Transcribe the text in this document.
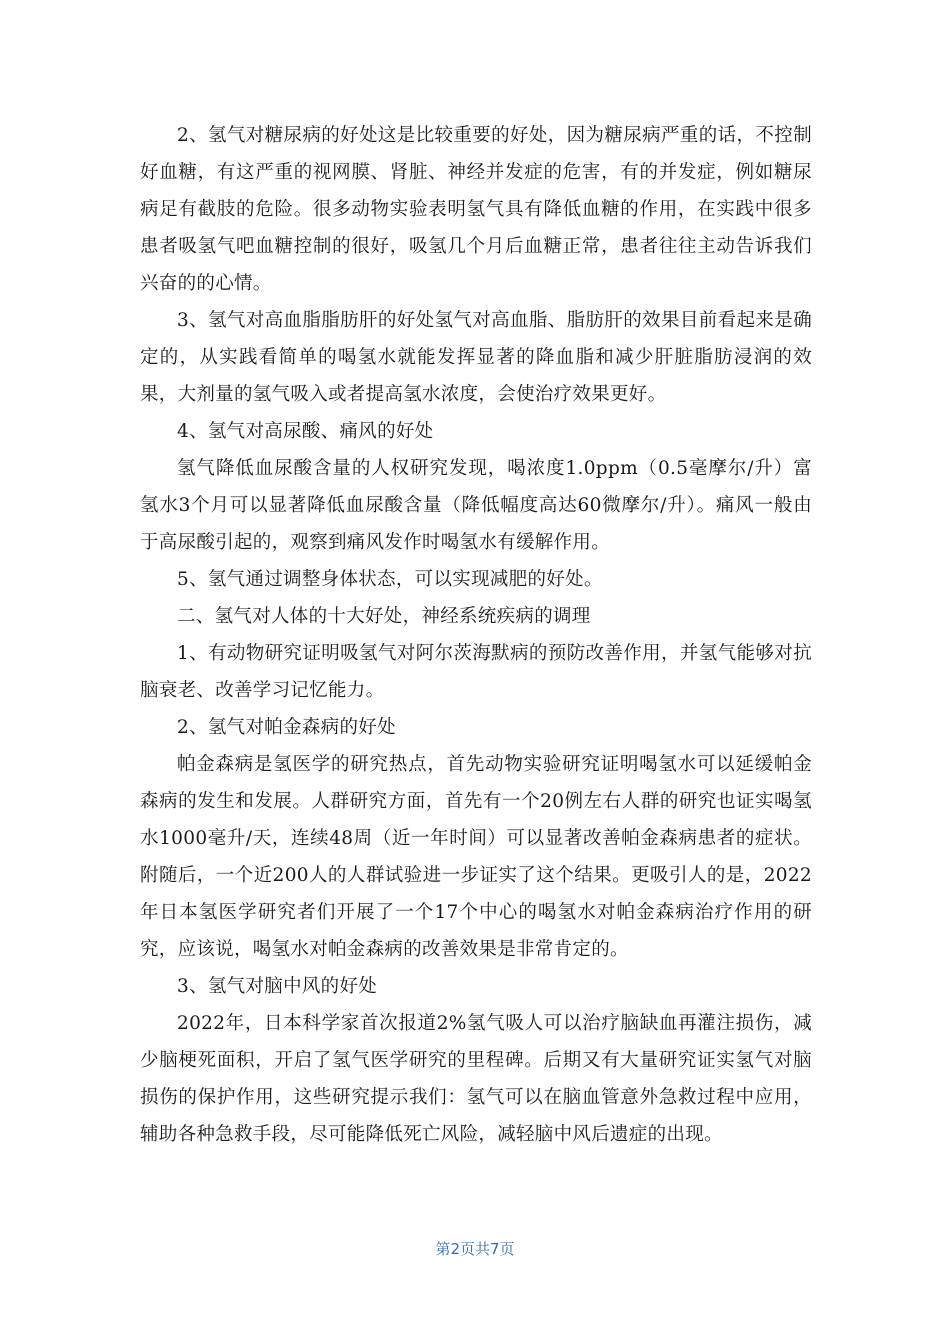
2、氢气对糖尿病的好处这是比较重要的好处，因为糖尿病严重的话，不控制好血糖，有这严重的视网膜、肾脏、神经并发症的危害，有的并发症，例如糖尿病足有截肢的危险。很多动物实验表明氢气具有降低血糖的作用，在实践中很多患者吸氢气吧血糖控制的很好，吸氢几个月后血糖正常，患者往往主动告诉我们兴奋的的心情。

3、氢气对高血脂脂肪肝的好处氢气对高血脂、脂肪肝的效果目前看起来是确定的，从实践看简单的喝氢水就能发挥显著的降血脂和减少肝脏脂肪浸润的效果，大剂量的氢气吸入或者提高氢水浓度，会使治疗效果更好。

4、氢气对高尿酸、痛风的好处

氢气降低血尿酸含量的人权研究发现，喝浓度1.0ppm（0.5毫摩尔/升）富氢水3个月可以显著降低血尿酸含量（降低幅度高达60微摩尔/升）。痛风一般由于高尿酸引起的，观察到痛风发作时喝氢水有缓解作用。

5、氢气通过调整身体状态，可以实现减肥的好处。

二、氢气对人体的十大好处，神经系统疾病的调理

1、有动物研究证明吸氢气对阿尔茨海默病的预防改善作用，并氢气能够对抗脑衰老、改善学习记忆能力。

2、氢气对帕金森病的好处

帕金森病是氢医学的研究热点，首先动物实验研究证明喝氢水可以延缓帕金森病的发生和发展。人群研究方面，首先有一个20例左右人群的研究也证实喝氢水1000毫升/天，连续48周（近一年时间）可以显著改善帕金森病患者的症状。附随后，一个近200人的人群试验进一步证实了这个结果。更吸引人的是，2022年日本氢医学研究者们开展了一个17个中心的喝氢水对帕金森病治疗作用的研究，应该说，喝氢水对帕金森病的改善效果是非常肯定的。

3、氢气对脑中风的好处

2022年，日本科学家首次报道2%氢气吸人可以治疗脑缺血再灌注损伤，减少脑梗死面积，开启了氢气医学研究的里程碑。后期又有大量研究证实氢气对脑损伤的保护作用，这些研究提示我们：氢气可以在脑血管意外急救过程中应用，辅助各种急救手段，尽可能降低死亡风险，减轻脑中风后遗症的出现。

第2页共7页
